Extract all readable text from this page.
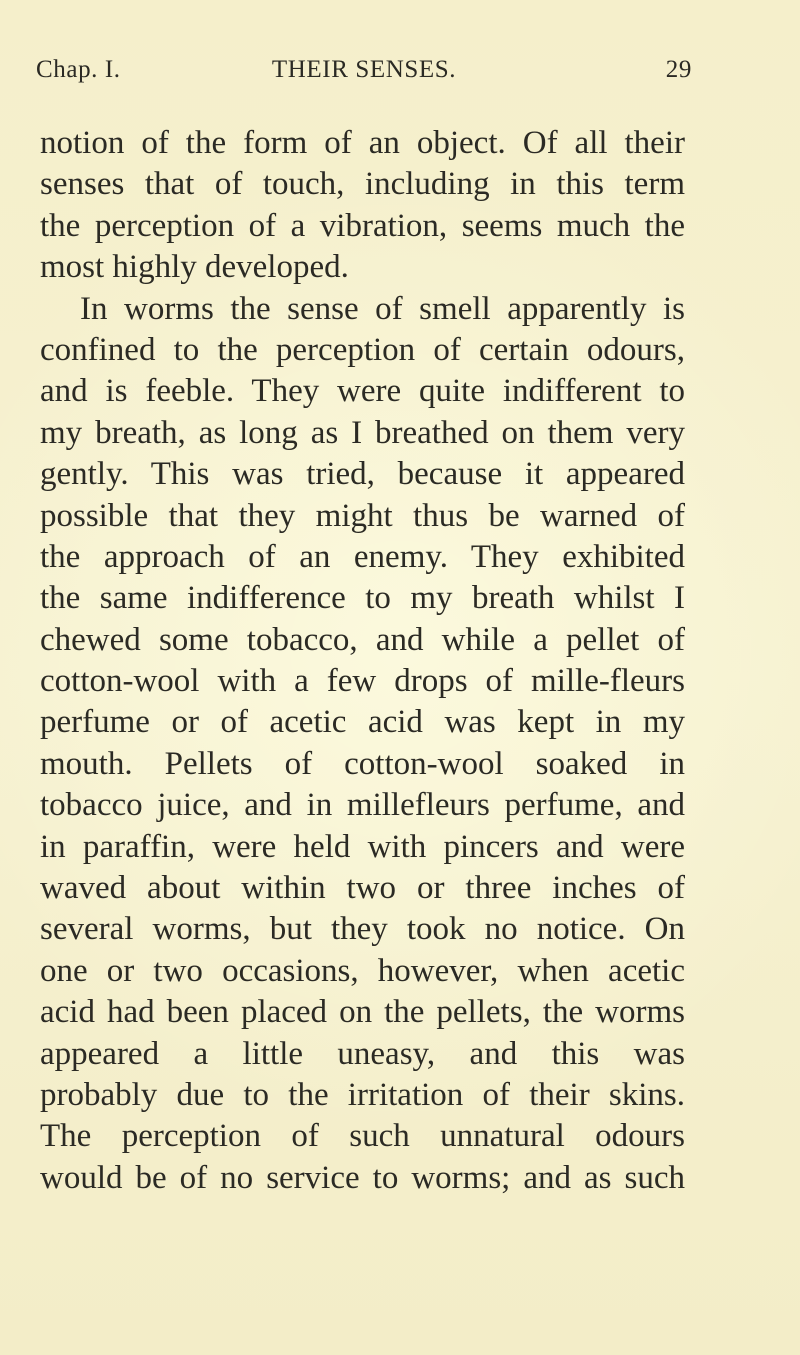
Chap. I.	THEIR SENSES.	29
notion of the form of an object. Of all their
senses that of touch, including in this term
the perception of a vibration, seems much the
most highly developed.
In worms the sense of smell apparently is
confined to the perception of certain odours,
and is feeble. They were quite indifferent to
my breath, as long as I breathed on them very
gently. This was tried, because it appeared
possible that they might thus be warned of
the approach of an enemy. They exhibited
the same indifference to my breath whilst I
chewed some tobacco, and while a pellet of
cotton-wool with a few drops of mille-fleurs
perfume or of acetic acid was kept in my
mouth. Pellets of cotton-wool soaked in
tobacco juice, and in millefleurs perfume, and
in paraffin, were held with pincers and were
waved about within two or three inches of
several worms, but they took no notice. On
one or two occasions, however, when acetic
acid had been placed on the pellets, the worms
appeared a little uneasy, and this was
probably due to the irritation of their skins.
The perception of such unnatural odours
would be of no service to worms; and as such
